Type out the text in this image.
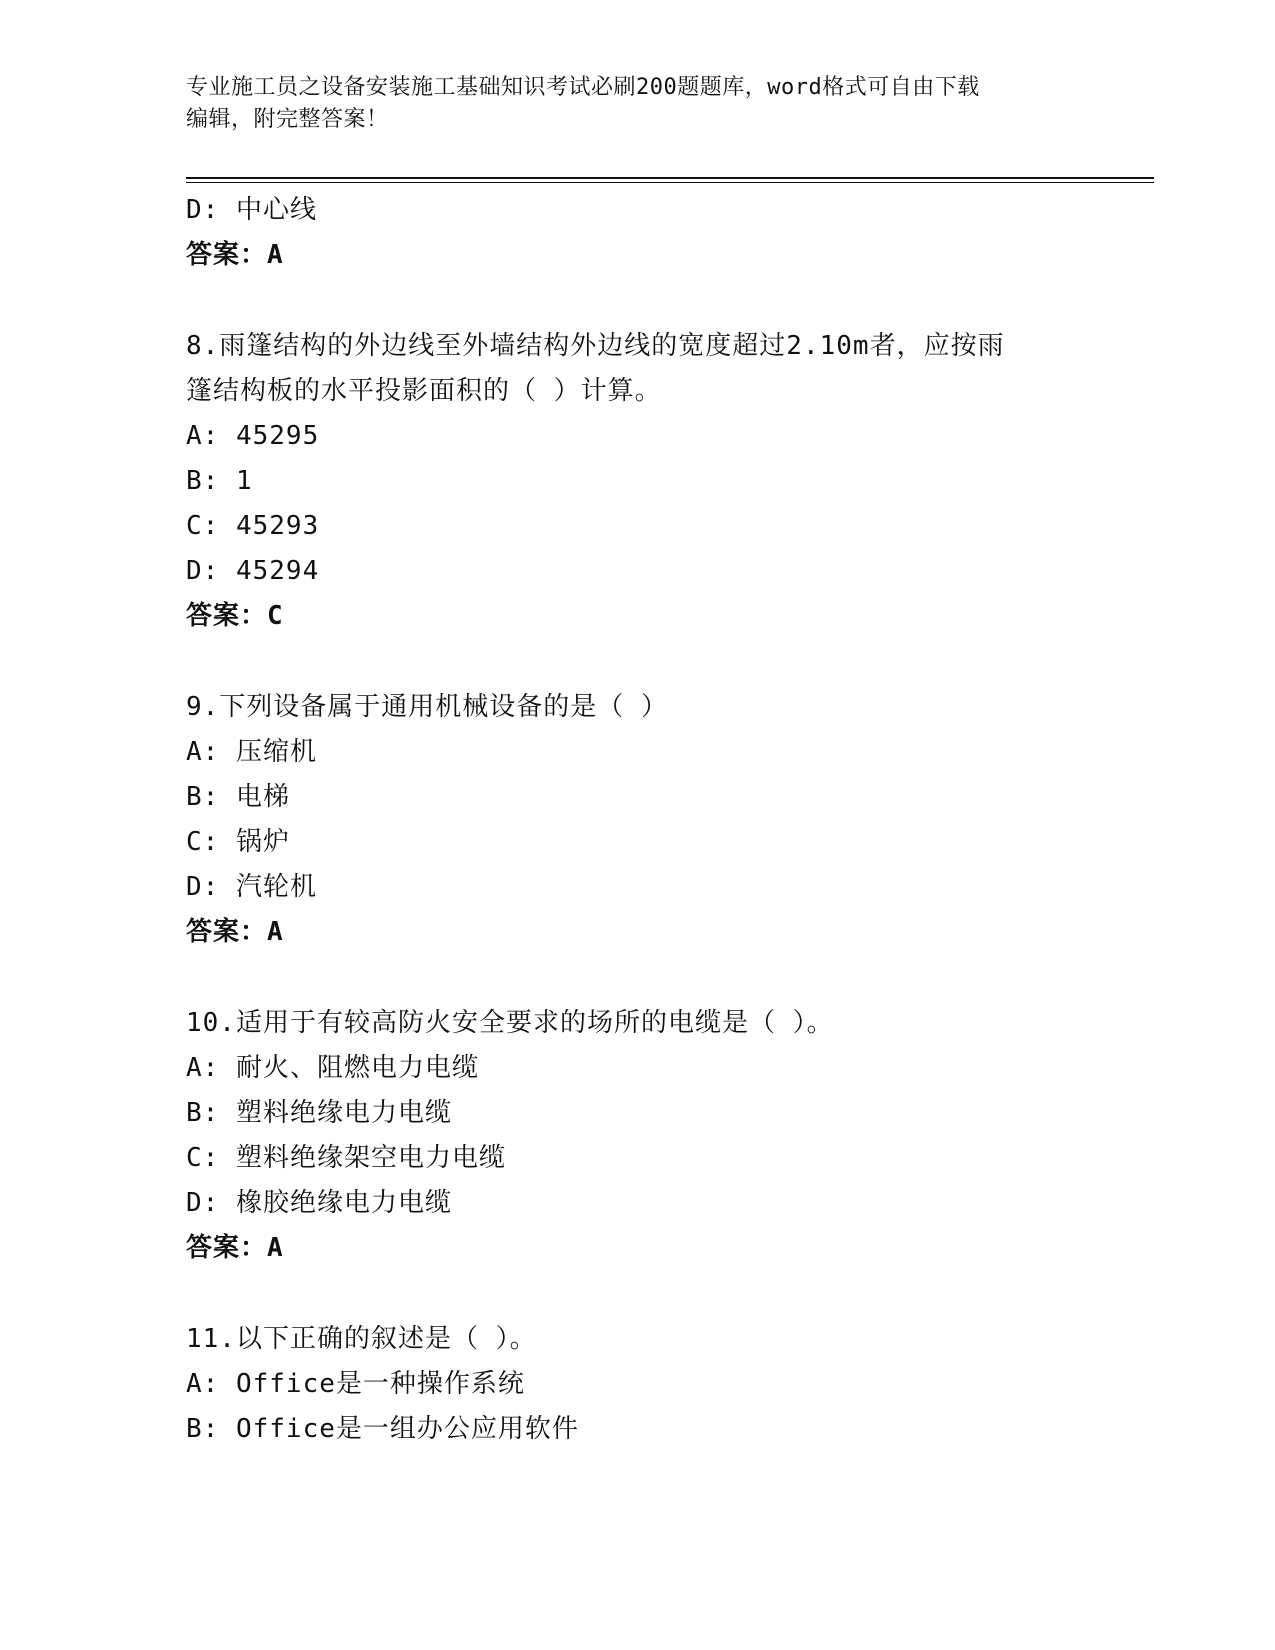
专业施工员之设备安装施工基础知识考试必刷200题题库，word格式可自由下载
编辑，附完整答案！
D: 中心线
答案：A
8.雨篷结构的外边线至外墙结构外边线的宽度超过2.10m者，应按雨
篷结构板的水平投影面积的（ ）计算。
A: 45295
B: 1
C: 45293
D: 45294
答案：C
9.下列设备属于通用机械设备的是（ ）
A: 压缩机
B: 电梯
C: 锅炉
D: 汽轮机
答案：A
10.适用于有较高防火安全要求的场所的电缆是（ ）。
A: 耐火、阻燃电力电缆
B: 塑料绝缘电力电缆
C: 塑料绝缘架空电力电缆
D: 橡胶绝缘电力电缆
答案：A
11.以下正确的叙述是（ ）。
A: Office是一种操作系统
B: Office是一组办公应用软件
